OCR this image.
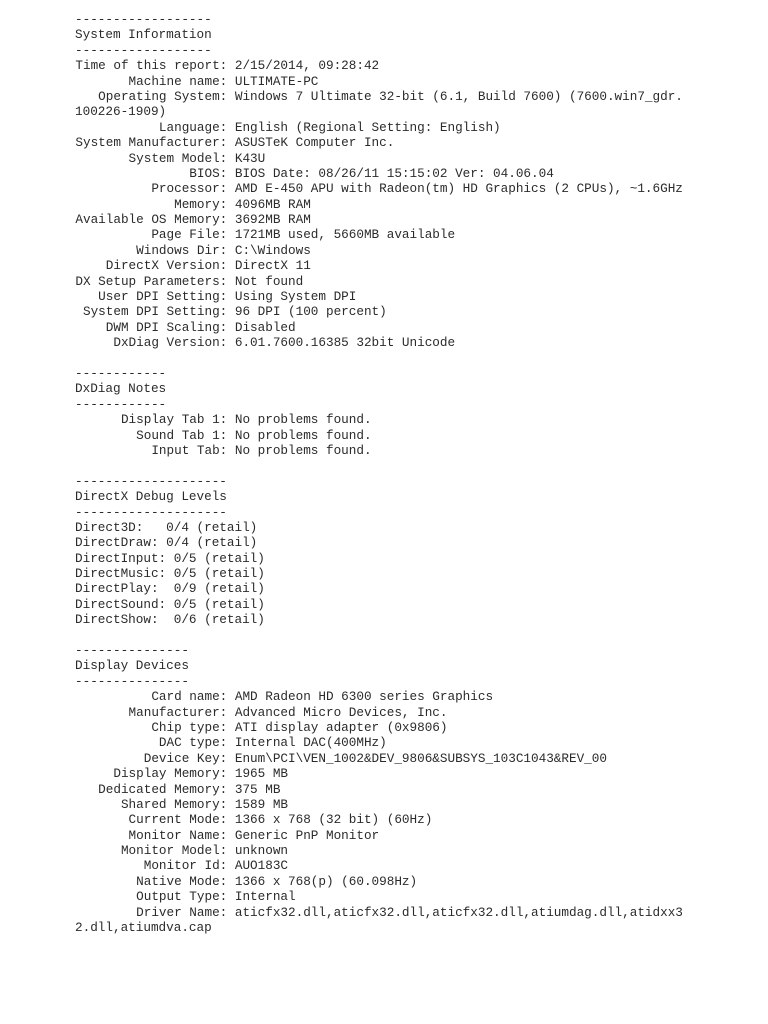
------------------
System Information
------------------
Time of this report: 2/15/2014, 09:28:42
Machine name: ULTIMATE-PC
Operating System: Windows 7 Ultimate 32-bit (6.1, Build 7600) (7600.win7_gdr.
100226-1909)
Language: English (Regional Setting: English)
System Manufacturer: ASUSTeK Computer Inc.
System Model: K43U
BIOS: BIOS Date: 08/26/11 15:15:02 Ver: 04.06.04
Processor: AMD E-450 APU with Radeon(tm) HD Graphics (2 CPUs), ~1.6GHz
Memory: 4096MB RAM
Available OS Memory: 3692MB RAM
Page File: 1721MB used, 5660MB available
Windows Dir: C:\Windows
DirectX Version: DirectX 11
DX Setup Parameters: Not found
User DPI Setting: Using System DPI
System DPI Setting: 96 DPI (100 percent)
DWM DPI Scaling: Disabled
DxDiag Version: 6.01.7600.16385 32bit Unicode

------------
DxDiag Notes
------------
Display Tab 1: No problems found.
Sound Tab 1: No problems found.
Input Tab: No problems found.

--------------------
DirectX Debug Levels
--------------------
Direct3D:   0/4 (retail)
DirectDraw: 0/4 (retail)
DirectInput: 0/5 (retail)
DirectMusic: 0/5 (retail)
DirectPlay:  0/9 (retail)
DirectSound: 0/5 (retail)
DirectShow:  0/6 (retail)

---------------
Display Devices
---------------
Card name: AMD Radeon HD 6300 series Graphics
Manufacturer: Advanced Micro Devices, Inc.
Chip type: ATI display adapter (0x9806)
DAC type: Internal DAC(400MHz)
Device Key: Enum\PCI\VEN_1002&DEV_9806&SUBSYS_103C1043&REV_00
Display Memory: 1965 MB
Dedicated Memory: 375 MB
Shared Memory: 1589 MB
Current Mode: 1366 x 768 (32 bit) (60Hz)
Monitor Name: Generic PnP Monitor
Monitor Model: unknown
Monitor Id: AUO183C
Native Mode: 1366 x 768(p) (60.098Hz)
Output Type: Internal
Driver Name: aticfx32.dll,aticfx32.dll,aticfx32.dll,atiumdag.dll,atidxx3
2.dll,atiumdva.cap
